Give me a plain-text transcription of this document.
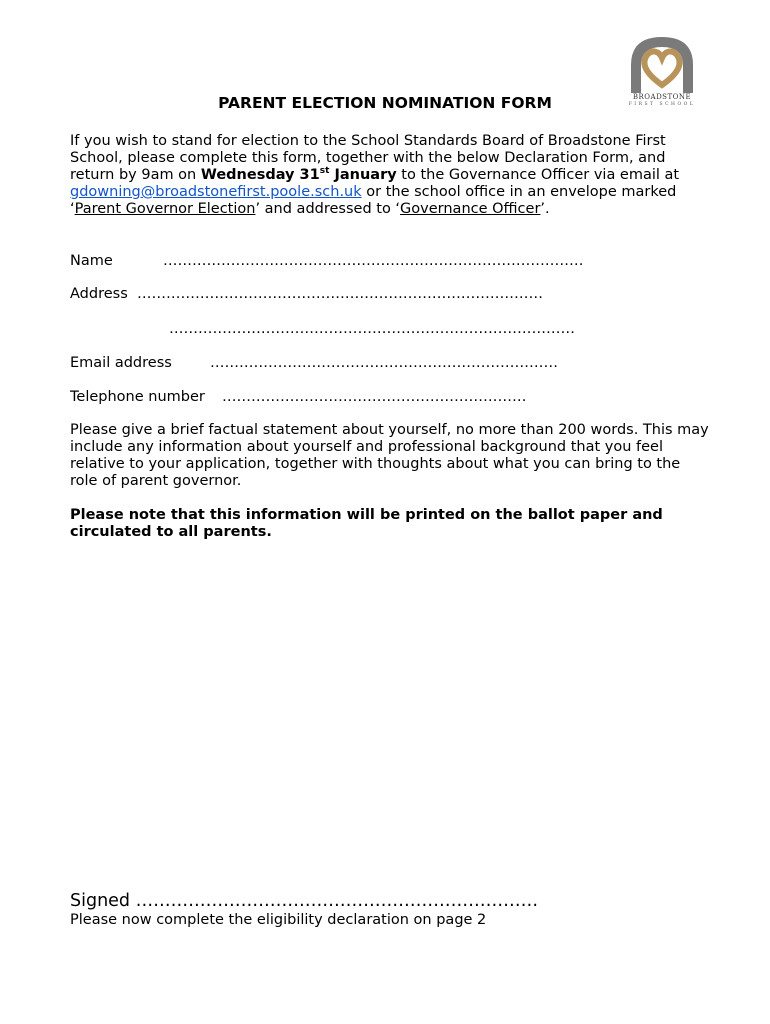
BROADSTONE
FIRST SCHOOL
PARENT ELECTION NOMINATION FORM

If you wish to stand for election to the School Standards Board of Broadstone First School, please complete this form, together with the below Declaration Form, and return by 9am on Wednesday 31st January to the Governance Officer via email at gdowning@broadstonefirst.poole.sch.uk or the school office in an envelope marked ‘Parent Governor Election’ and addressed to ‘Governance Officer’.

Name	……………………………………………………………………………
Address …………………………………………………………………………
…………………………………………………………………………
Email address	………………………………………………………………
Telephone number ………………………………………………………

Please give a brief factual statement about yourself, no more than 200 words. This may include any information about yourself and professional background that you feel relative to your application, together with thoughts about what you can bring to the role of parent governor.

Please note that this information will be printed on the ballot paper and circulated to all parents.

Signed ……………………………………………………………
Please now complete the eligibility declaration on page 2
